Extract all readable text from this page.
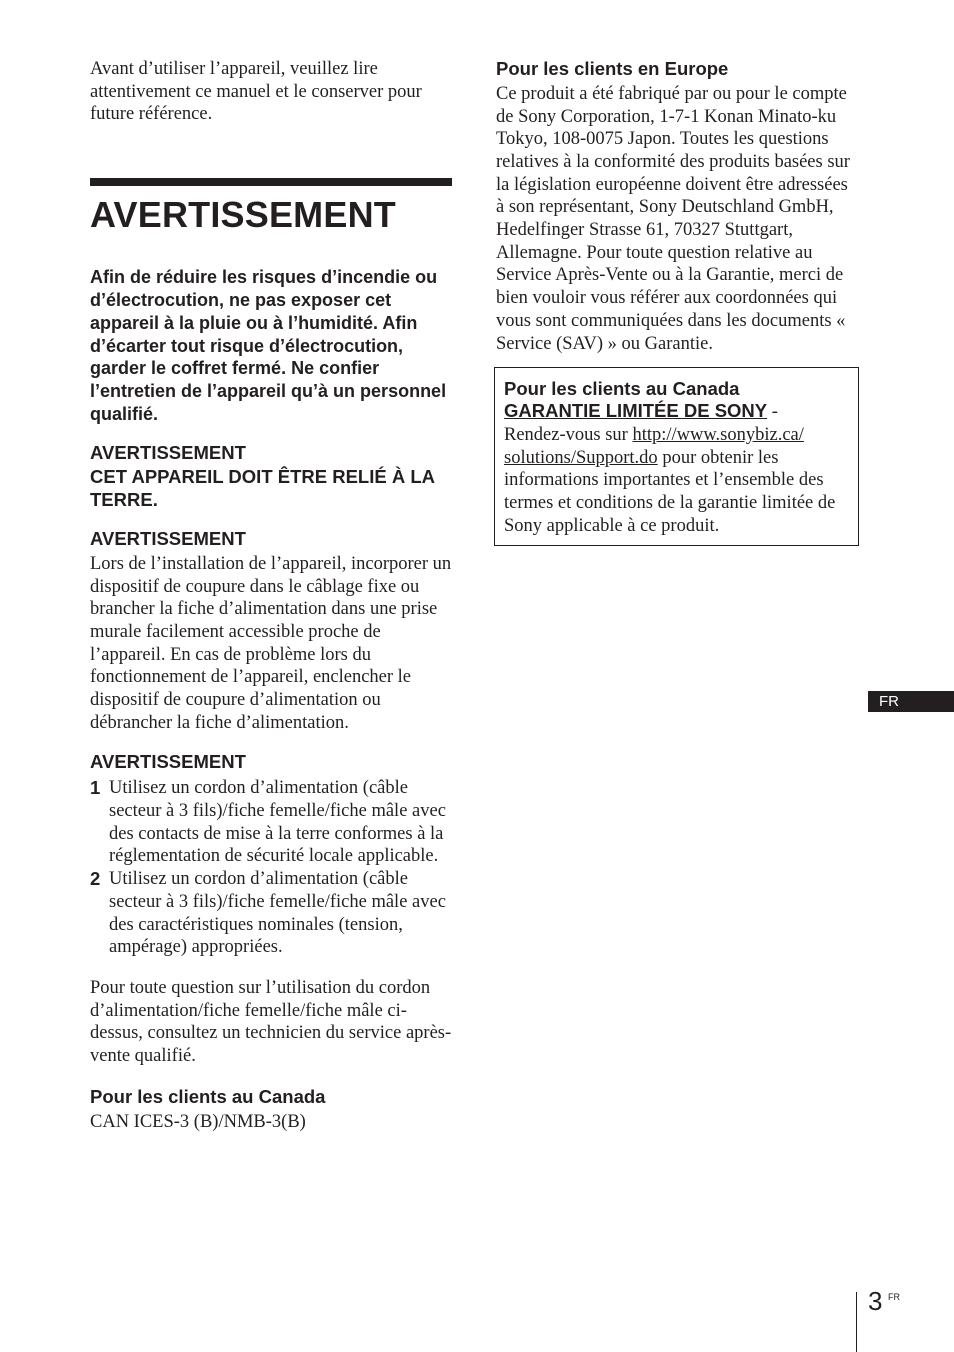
Avant d’utiliser l’appareil, veuillez lire attentivement ce manuel et le conserver pour future référence.

AVERTISSEMENT

Afin de réduire les risques d’incendie ou d’électrocution, ne pas exposer cet appareil à la pluie ou à l’humidité. Afin d’écarter tout risque d’électrocution, garder le coffret fermé. Ne confier l’entretien de l’appareil qu’à un personnel qualifié.

AVERTISSEMENT

CET APPAREIL DOIT ÊTRE RELIÉ À LA TERRE.

AVERTISSEMENT

Lors de l’installation de l’appareil, incorporer un dispositif de coupure dans le câblage fixe ou brancher la fiche d’alimentation dans une prise murale facilement accessible proche de l’appareil. En cas de problème lors du fonctionnement de l’appareil, enclencher le dispositif de coupure d’alimentation ou débrancher la fiche d’alimentation.

AVERTISSEMENT

1 Utilisez un cordon d’alimentation (câble secteur à 3 fils)/fiche femelle/fiche mâle avec des contacts de mise à la terre conformes à la réglementation de sécurité locale applicable.
2 Utilisez un cordon d’alimentation (câble secteur à 3 fils)/fiche femelle/fiche mâle avec des caractéristiques nominales (tension, ampérage) appropriées.

Pour toute question sur l’utilisation du cordon d’alimentation/fiche femelle/fiche mâle ci-dessus, consultez un technicien du service après-vente qualifié.

Pour les clients au Canada

CAN ICES-3 (B)/NMB-3(B)

Pour les clients en Europe

Ce produit a été fabriqué par ou pour le compte de Sony Corporation, 1-7-1 Konan Minato-ku Tokyo, 108-0075 Japon. Toutes les questions relatives à la conformité des produits basées sur la législation européenne doivent être adressées à son représentant, Sony Deutschland GmbH, Hedelfinger Strasse 61, 70327 Stuttgart, Allemagne. Pour toute question relative au Service Après-Vente ou à la Garantie, merci de bien vouloir vous référer aux coordonnées qui vous sont communiquées dans les documents « Service (SAV) » ou Garantie.

Pour les clients au Canada

GARANTIE LIMITÉE DE SONY -
Rendez-vous sur http://www.sonybiz.ca/
solutions/Support.do pour obtenir les informations importantes et l’ensemble des termes et conditions de la garantie limitée de Sony applicable à ce produit.

FR
3 FR
